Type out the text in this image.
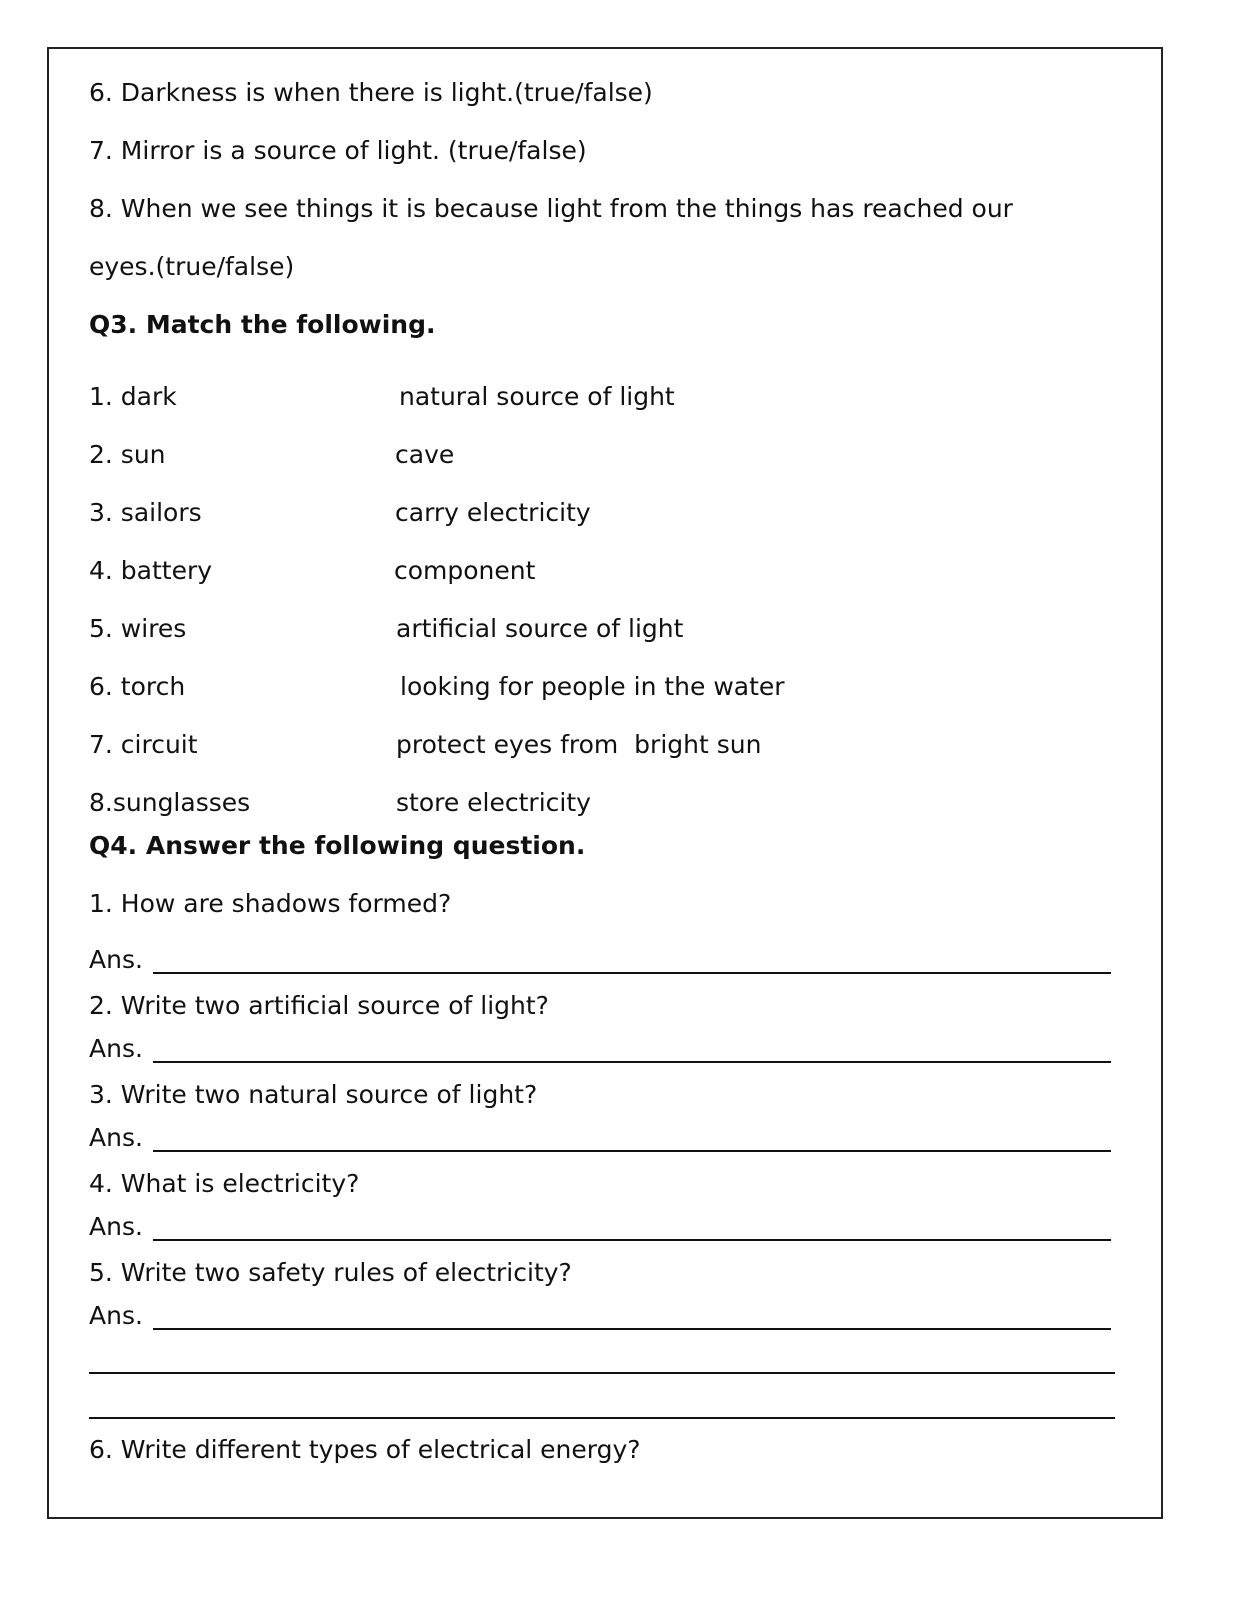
6. Darkness is when there is light.(true/false)
7. Mirror is a source of light. (true/false)
8. When we see things it is because light from the things has reached our
eyes.(true/false)
Q3. Match the following.
1. dark	natural source of light
2. sun	cave
3. sailors	carry electricity
4. battery	component
5. wires	artificial source of light
6. torch	looking for people in the water
7. circuit	protect eyes from  bright sun
8.sunglasses	store electricity
Q4. Answer the following question.
1. How are shadows formed?
Ans.
2. Write two artificial source of light?
Ans.
3. Write two natural source of light?
Ans.
4. What is electricity?
Ans.
5. Write two safety rules of electricity?
Ans.
6. Write different types of electrical energy?
